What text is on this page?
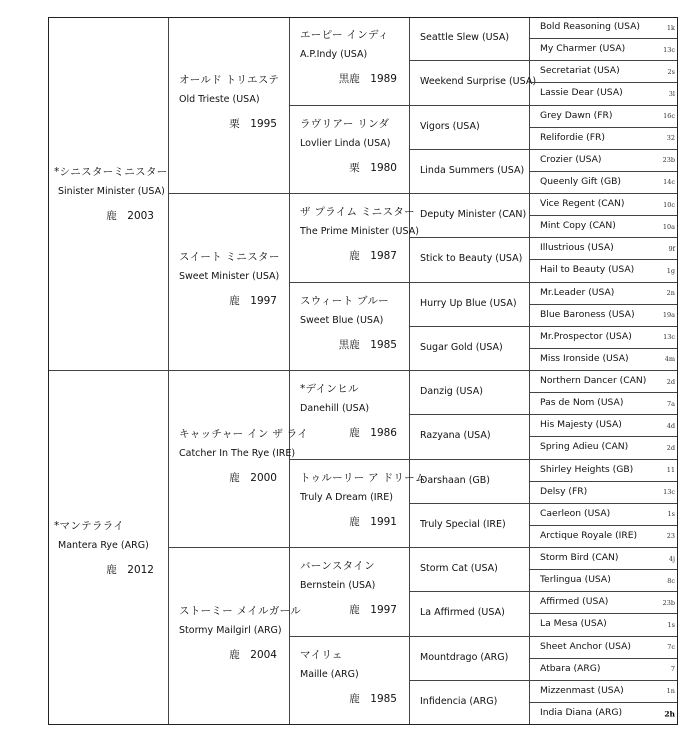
*シニスターミニスター
Sinister Minister (USA)
鹿　2003
オールド トリエステ
Old Trieste (USA)
栗　1995
エーピー インディ
A.P.Indy (USA)
黒鹿　1989
Seattle Slew (USA)
Bold Reasoning (USA)	1k
My Charmer (USA)	13c
Weekend Surprise (USA)
Secretariat (USA)	2s
Lassie Dear (USA)	3l
ラヴリアー リンダ
Lovlier Linda (USA)
栗　1980
Vigors (USA)
Grey Dawn (FR)	16c
Relifordie (FR)	32
Linda Summers (USA)
Crozier (USA)	23b
Queenly Gift (GB)	14c
スイート ミニスター
Sweet Minister (USA)
鹿　1997
ザ プライム ミニスター
The Prime Minister (USA)
鹿　1987
Deputy Minister (CAN)
Vice Regent (CAN)	10c
Mint Copy (CAN)	10a
Stick to Beauty (USA)
Illustrious (USA)	9f
Hail to Beauty (USA)	1g
スウィート ブルー
Sweet Blue (USA)
黒鹿　1985
Hurry Up Blue (USA)
Mr.Leader (USA)	2n
Blue Baroness (USA)	19a
Sugar Gold (USA)
Mr.Prospector (USA)	13c
Miss Ironside (USA)	4m
*マンテラライ
Mantera Rye (ARG)
鹿　2012
キャッチャー イン ザ ライ
Catcher In The Rye (IRE)
鹿　2000
*デインヒル
Danehill (USA)
鹿　1986
Danzig (USA)
Northern Dancer (CAN)	2d
Pas de Nom (USA)	7a
Razyana (USA)
His Majesty (USA)	4d
Spring Adieu (CAN)	2d
トゥルーリー ア ドリーム
Truly A Dream (IRE)
鹿　1991
Darshaan (GB)
Shirley Heights (GB)	11
Delsy (FR)	13c
Truly Special (IRE)
Caerleon (USA)	1s
Arctique Royale (IRE)	23
ストーミー メイルガール
Stormy Mailgirl (ARG)
鹿　2004
バーンスタイン
Bernstein (USA)
鹿　1997
Storm Cat (USA)
Storm Bird (CAN)	4j
Terlingua (USA)	8c
La Affirmed (USA)
Affirmed (USA)	23b
La Mesa (USA)	1s
マイリェ
Maille (ARG)
鹿　1985
Mountdrago (ARG)
Sheet Anchor (USA)	7c
Atbara (ARG)	7
Infidencia (ARG)
Mizzenmast (USA)	1n
India Diana (ARG)	2h
